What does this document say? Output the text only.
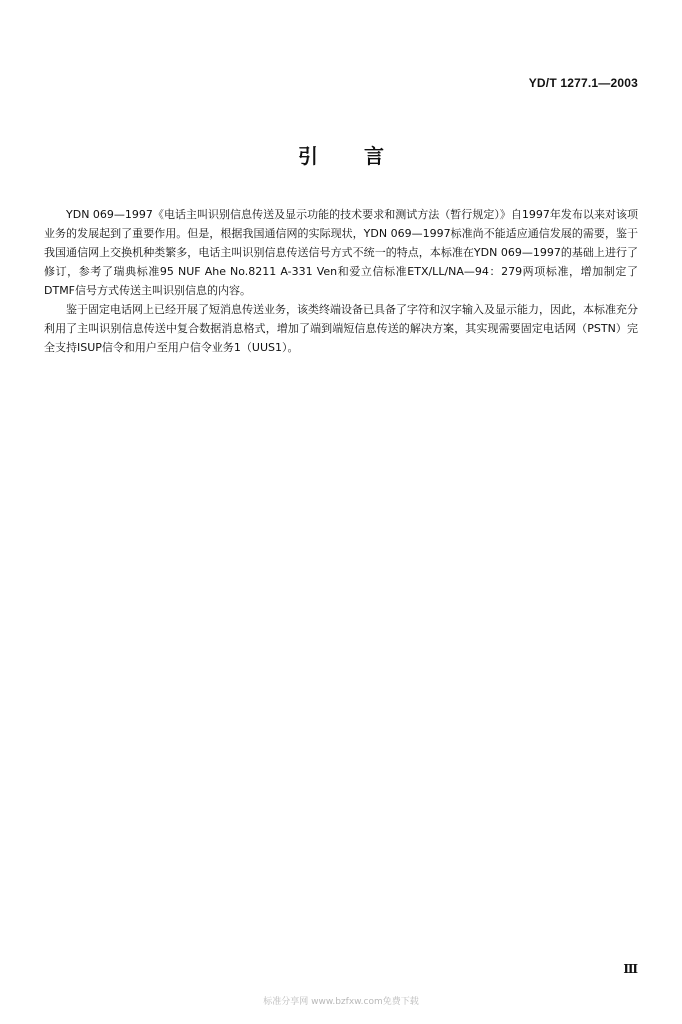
YD/T 1277.1—2003
引言

YDN 069—1997《电话主叫识别信息传送及显示功能的技术要求和测试方法（暂行规定）》自1997年发布以来对该项业务的发展起到了重要作用。但是，根据我国通信网的实际现状，YDN 069—1997标准尚不能适应通信发展的需要，鉴于我国通信网上交换机种类繁多，电话主叫识别信息传送信号方式不统一的特点，本标准在YDN 069—1997的基础上进行了修订，参考了瑞典标准95 NUF Ahe No.8211 A-331 Ven和爱立信标准ETX/LL/NA—94：279两项标准，增加制定了DTMF信号方式传送主叫识别信息的内容。

鉴于固定电话网上已经开展了短消息传送业务，该类终端设备已具备了字符和汉字输入及显示能力，因此，本标准充分利用了主叫识别信息传送中复合数据消息格式，增加了端到端短信息传送的解决方案，其实现需要固定电话网（PSTN）完全支持ISUP信令和用户至用户信令业务1（UUS1）。

Ⅲ
标准分享网 www.bzfxw.com免费下载
